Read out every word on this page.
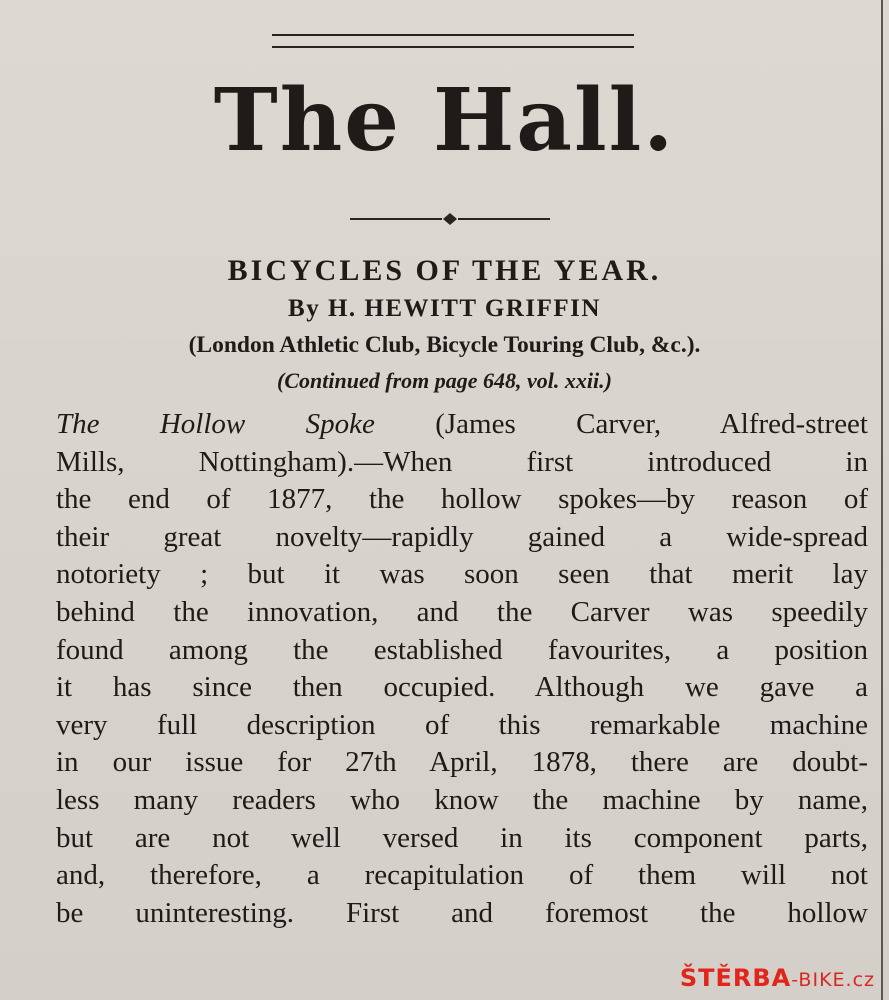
The Hall.
BICYCLES OF THE YEAR.
By H. HEWITT GRIFFIN
(London Athletic Club, Bicycle Touring Club, &c.).
(Continued from page 648, vol. xxii.)
The Hollow Spoke (James Carver, Alfred-street
Mills, Nottingham).—When first introduced in
the end of 1877, the hollow spokes—by reason of
their great novelty—rapidly gained a wide-spread
notoriety ; but it was soon seen that merit lay
behind the innovation, and the Carver was speedily
found among the established favourites, a position
it has since then occupied. Although we gave a
very full description of this remarkable machine
in our issue for 27th April, 1878, there are doubt-
less many readers who know the machine by name,
but are not well versed in its component parts,
and, therefore, a recapitulation of them will not
be uninteresting. First and foremost the hollow
ŠTĚRBA-BIKE.cz
